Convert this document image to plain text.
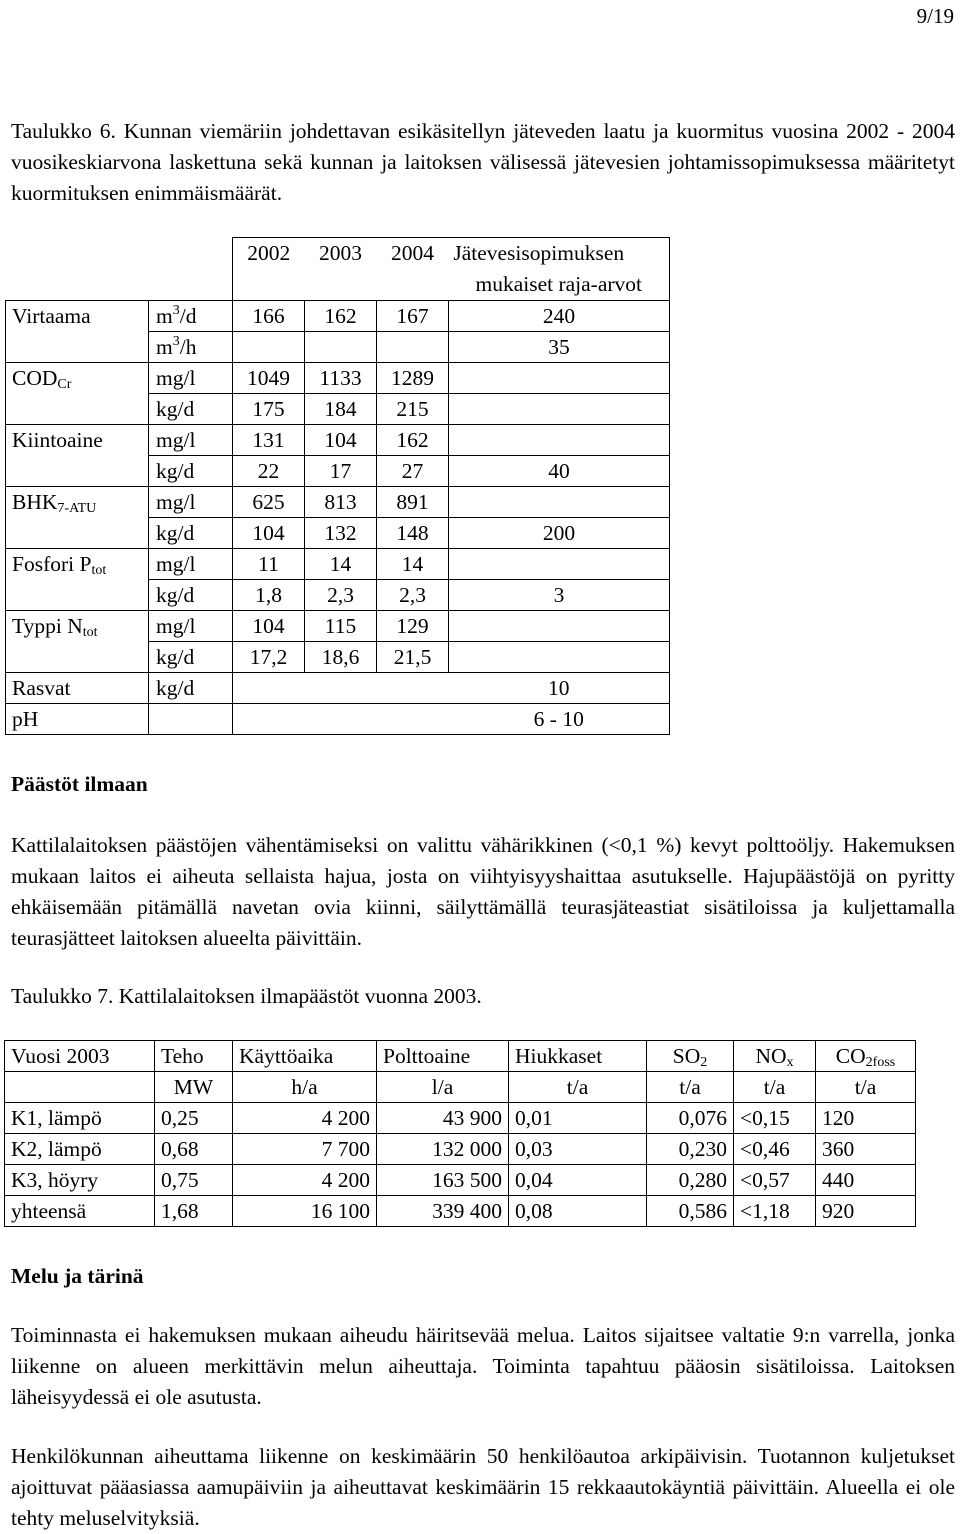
9/19

Taulukko 6. Kunnan viemäriin johdettavan esikäsitellyn jäteveden laatu ja kuormitus vuosina 2002 - 2004 vuosikeskiarvona laskettuna sekä kunnan ja laitoksen välisessä jätevesien johtamissopimuksessa määritetyt kuormituksen enimmäismäärät.

		2002	2003	2004	Jätevesisopimuksen
mukaiset raja-arvot

Virtaama	$m^3/d$	166	162	167	240
	$m^3/h$				35
$COD_{Cr}$	mg/l	1049	1133	1289	
	kg/d	175	184	215	
Kiintoaine	mg/l	131	104	162	
	kg/d	22	17	27	40
$BHK_{7-ATU}$	mg/l	625	813	891	
	kg/d	104	132	148	200
Fosfori $P_{tot}$	mg/l	11	14	14	
	kg/d	1,8	2,3	2,3	3
Typpi $N_{tot}$	mg/l	104	115	129	
	kg/d	17,2	18,6	21,5	
Rasvat	kg/d				10
pH					6 - 10
Päästöt ilmaan

Kattilalaitoksen päästöjen vähentämiseksi on valittu vähärikkinen (<0,1 %) kevyt polttoöljy. Hakemuksen mukaan laitos ei aiheuta sellaista hajua, josta on viihtyisyyshaittaa asutukselle. Hajupäästöjä on pyritty ehkäisemään pitämällä navetan ovia kiinni, säilyttämällä teurasjäteastiat sisätiloissa ja kuljettamalla teurasjätteet laitoksen alueelta päivittäin.

Taulukko 7. Kattilalaitoksen ilmapäästöt vuonna 2003.
Vuosi 2003	Teho	Käyttöaika	Polttoaine	Hiukkaset	$SO_2$	$NO_x$	$CO_{2foss}$
	MW	h/a	l/a	t/a	t/a	t/a	t/a
K1, lämpö	0,25	4 200	43 900	0,01	0,076	<0,15	120
K2, lämpö	0,68	7 700	132 000	0,03	0,230	<0,46	360
K3, höyry	0,75	4 200	163 500	0,04	0,280	<0,57	440
yhteensä	1,68	16 100	339 400	0,08	0,586	<1,18	920
Melu ja tärinä

Toiminnasta ei hakemuksen mukaan aiheudu häiritsevää melua. Laitos sijaitsee valtatie 9:n varrella, jonka liikenne on alueen merkittävin melun aiheuttaja. Toiminta tapahtuu pääosin sisätiloissa. Laitoksen läheisyydessä ei ole asutusta.

Henkilökunnan aiheuttama liikenne on keskimäärin 50 henkilöautoa arkipäivisin. Tuotannon kuljetukset ajoittuvat pääasiassa aamupäiviin ja aiheuttavat keskimäärin 15 rekkaautokäyntiä päivittäin. Alueella ei ole tehty meluselvityksiä.
